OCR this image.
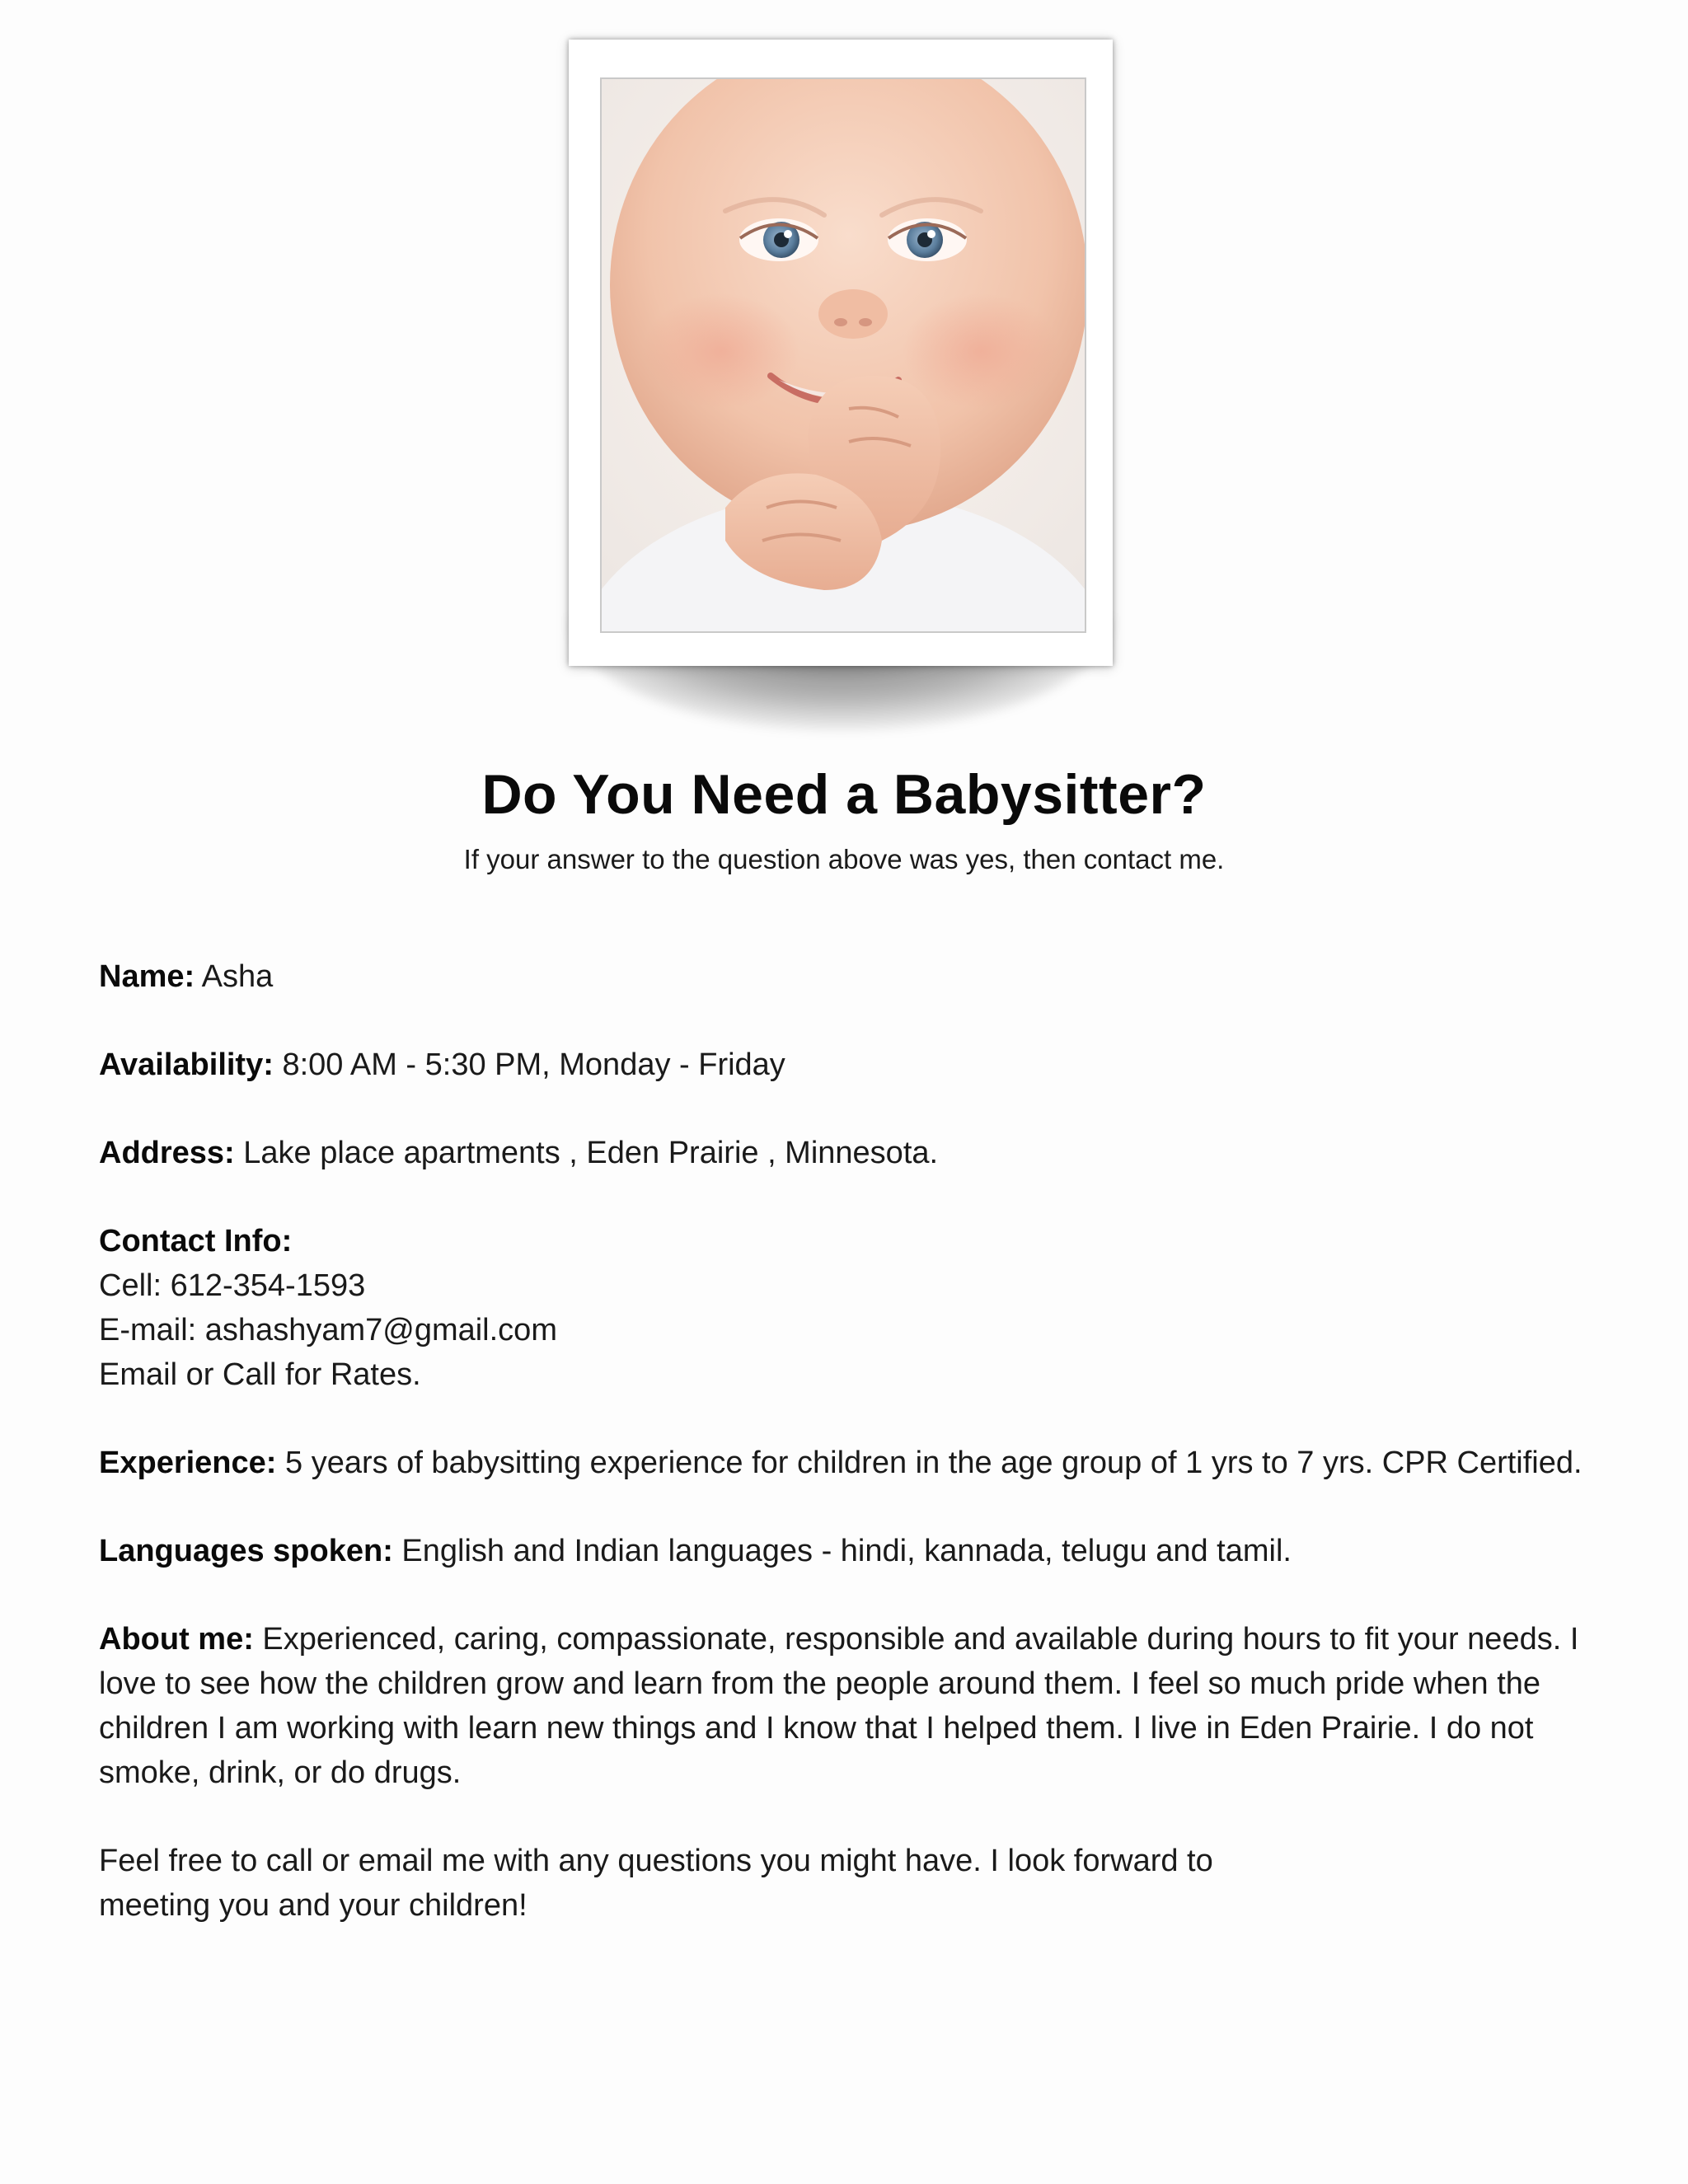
Do You Need a Babysitter?

If your answer to the question above was yes, then contact me.

Name: Asha

Availability: 8:00 AM - 5:30 PM, Monday - Friday

Address: Lake place apartments , Eden Prairie , Minnesota.

Contact Info:
Cell: 612-354-1593
E-mail: ashashyam7@gmail.com
Email or Call for Rates.

Experience: 5 years of babysitting experience for children in the age group of 1 yrs to 7 yrs. CPR Certified.

Languages spoken: English and Indian languages - hindi, kannada, telugu and tamil.

About me: Experienced, caring, compassionate, responsible and available during hours to fit your needs. I love to see how the children grow and learn from the people around them. I feel so much pride when the children I am working with learn new things and I know that I helped them. I live in Eden Prairie. I do not smoke, drink, or do drugs.

Feel free to call or email me with any questions you might have. I look forward to
meeting you and your children!
